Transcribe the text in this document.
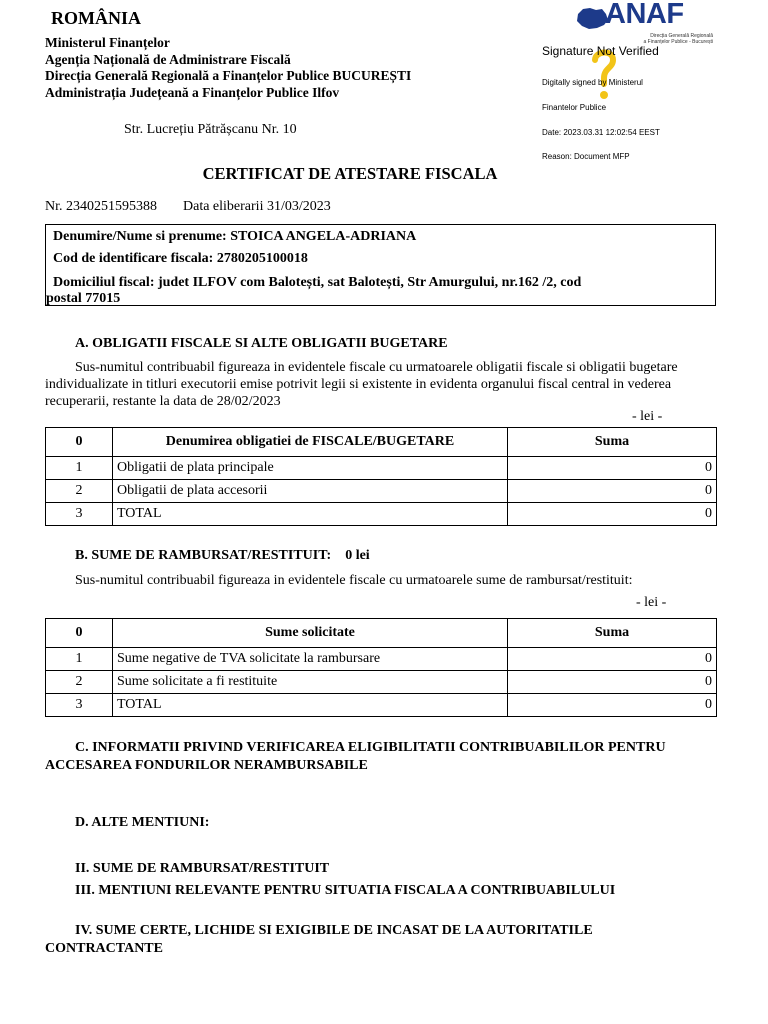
ROMÂNIA
Ministerul Finanțelor
Agenția Națională de Administrare Fiscală
Direcția Generală Regională a Finanțelor Publice BUCUREȘTI
Administrația Județeană a Finanțelor Publice Ilfov
ANAF
Direcția Generală Regională
a Finanțelor Publice - București
Signature Not Verified

Digitally signed by Ministerul

Finantelor Publice

Date: 2023.03.31 12:02:54 EEST

Reason: Document MFP

Str. Lucrețiu Pătrășcanu Nr. 10
CERTIFICAT DE ATESTARE FISCALA
Nr. 2340251595388 Data eliberarii 31/03/2023
Denumire/Nume si prenume: STOICA ANGELA-ADRIANA
Cod de identificare fiscala: 2780205100018
Domiciliul fiscal: judet ILFOV com Balotești, sat Balotești, Str Amurgului, nr.162 /2, cod
postal 77015
A. OBLIGATII FISCALE SI ALTE OBLIGATII BUGETARE
Sus-numitul contribuabil figureaza in evidentele fiscale cu urmatoarele obligatii fiscale si obligatii bugetare individualizate in titluri executorii emise potrivit legii si existente in evidenta organului fiscal central in vederea recuperarii, restante la data de 28/02/2023
- lei -
0	Denumirea obligatiei de FISCALE/BUGETARE	Suma
1	Obligatii de plata principale	0
2	Obligatii de plata accesorii	0
3	TOTAL	0
B. SUME DE RAMBURSAT/RESTITUIT:    0 lei
Sus-numitul contribuabil figureaza in evidentele fiscale cu urmatoarele sume de rambursat/restituit:
- lei -
0	Sume solicitate	Suma
1	Sume negative de TVA solicitate la rambursare	0
2	Sume solicitate a fi restituite	0
3	TOTAL	0
C. INFORMATII PRIVIND VERIFICAREA ELIGIBILITATII CONTRIBUABILILOR PENTRU
ACCESAREA FONDURILOR NERAMBURSABILE
D. ALTE MENTIUNI:
II. SUME DE RAMBURSAT/RESTITUIT
III. MENTIUNI RELEVANTE PENTRU SITUATIA FISCALA A CONTRIBUABILULUI
IV. SUME CERTE, LICHIDE SI EXIGIBILE DE INCASAT DE LA AUTORITATILE
CONTRACTANTE
